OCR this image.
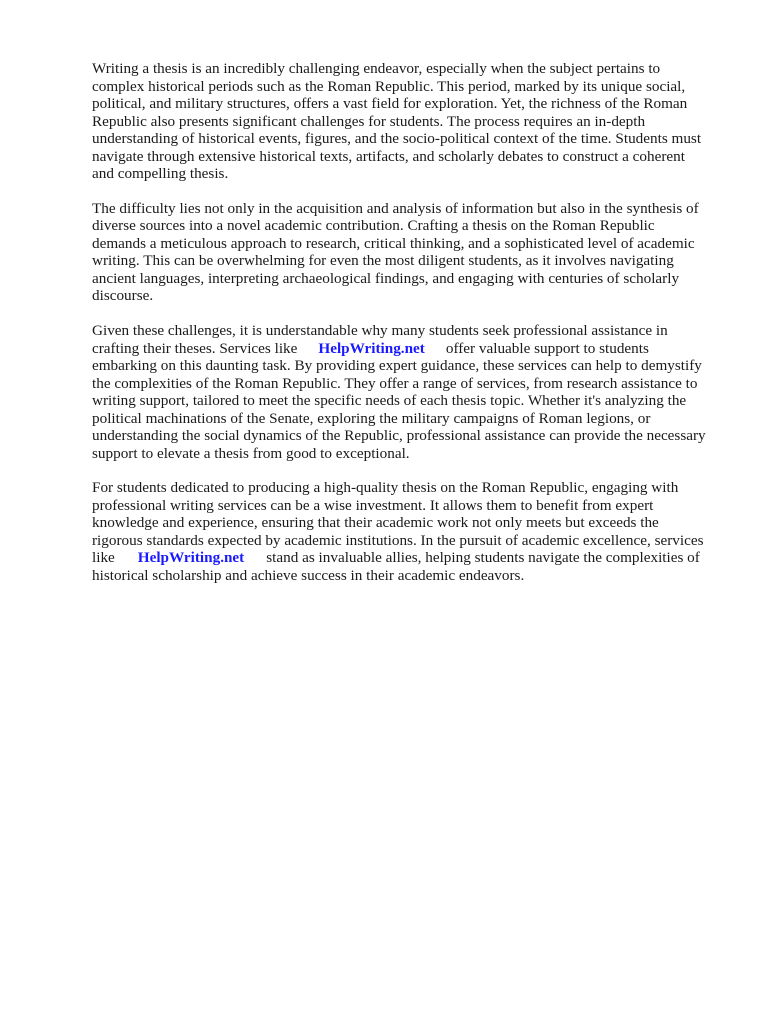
Writing a thesis is an incredibly challenging endeavor, especially when the subject pertains to
complex historical periods such as the Roman Republic. This period, marked by its unique social,
political, and military structures, offers a vast field for exploration. Yet, the richness of the Roman
Republic also presents significant challenges for students. The process requires an in-depth
understanding of historical events, figures, and the socio-political context of the time. Students must
navigate through extensive historical texts, artifacts, and scholarly debates to construct a coherent
and compelling thesis.

The difficulty lies not only in the acquisition and analysis of information but also in the synthesis of
diverse sources into a novel academic contribution. Crafting a thesis on the Roman Republic
demands a meticulous approach to research, critical thinking, and a sophisticated level of academic
writing. This can be overwhelming for even the most diligent students, as it involves navigating
ancient languages, interpreting archaeological findings, and engaging with centuries of scholarly
discourse.

Given these challenges, it is understandable why many students seek professional assistance in
crafting their theses. Services like HelpWriting.net offer valuable support to students
embarking on this daunting task. By providing expert guidance, these services can help to demystify
the complexities of the Roman Republic. They offer a range of services, from research assistance to
writing support, tailored to meet the specific needs of each thesis topic. Whether it's analyzing the
political machinations of the Senate, exploring the military campaigns of Roman legions, or
understanding the social dynamics of the Republic, professional assistance can provide the necessary
support to elevate a thesis from good to exceptional.

For students dedicated to producing a high-quality thesis on the Roman Republic, engaging with
professional writing services can be a wise investment. It allows them to benefit from expert
knowledge and experience, ensuring that their academic work not only meets but exceeds the
rigorous standards expected by academic institutions. In the pursuit of academic excellence, services
like HelpWriting.net stand as invaluable allies, helping students navigate the complexities of
historical scholarship and achieve success in their academic endeavors.
